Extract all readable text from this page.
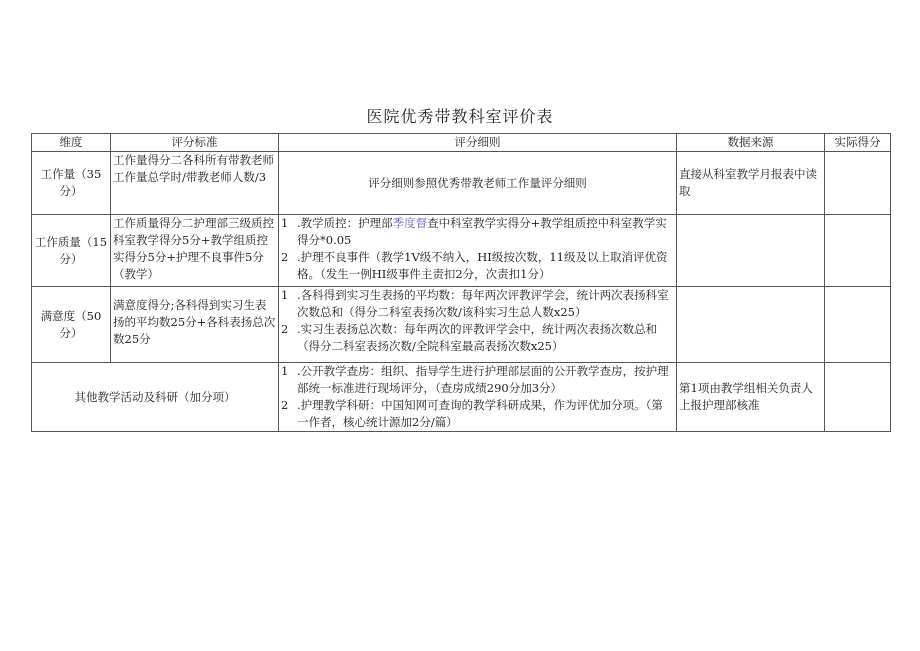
医院优秀带教科室评价表
维度	评分标准	评分细则	数据来源	实际得分
工作量（35分）	工作量得分二各科所有带教老师工作量总学时/带教老师人数/3	评分细则参照优秀带教老师工作量评分细则	直接从科室教学月报表中读取	
工作质量（15分）	工作质量得分二护理部三级质控科室教学得分5分+教学组质控实得分5分+护理不良事件5分（教学）	1 .教学质控：护理部季度督查中科室教学实得分+教学组质控中科室教学实得分*0.05
2 .护理不良事件（教学1V级不纳入，HI级按次数，11级及以上取消评优资格。（发生一例HI级事件主责扣2分，次责扣1分）		

满意度（50分）	满意度得分;各科得到实习生表扬的平均数25分+各科表扬总次数25分	1 .各科得到实习生表扬的平均数：每年两次评教评学会，统计两次表扬科室次数总和（得分二科室表扬次数/该科实习生总人数x25）
2 .实习生表扬总次数：每年两次的评教评学会中，统计两次表扬次数总和（得分二科室表扬次数/全院科室最高表扬次数x25）		

其他教学活动及科研（加分项）		1 .公开教学查房：组织、指导学生进行护理部层面的公开教学查房，按护理部统一标准进行现场评分，（查房成绩290分加3分）
2 .护理教学科研：中国知网可查询的教学科研成果，作为评优加分项。（第一作者，核心统计源加2分/篇）	第1项由教学组相关负责人上报护理部核准	
